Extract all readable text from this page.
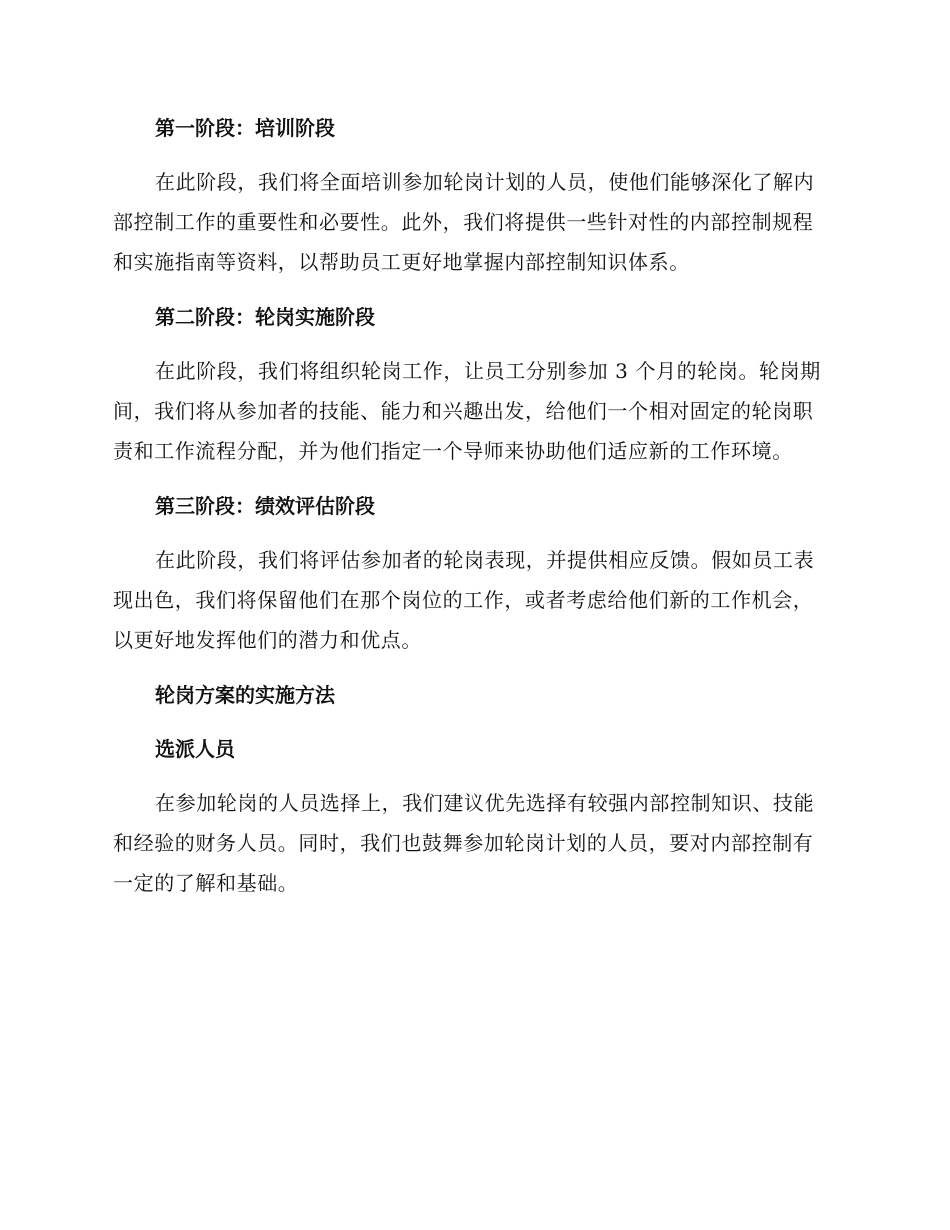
第一阶段：培训阶段

在此阶段，我们将全面培训参加轮岗计划的人员，使他们能够深化了解内部控制工作的重要性和必要性。此外，我们将提供一些针对性的内部控制规程和实施指南等资料，以帮助员工更好地掌握内部控制知识体系。

第二阶段：轮岗实施阶段

在此阶段，我们将组织轮岗工作，让员工分别参加 3 个月的轮岗。轮岗期间，我们将从参加者的技能、能力和兴趣出发，给他们一个相对固定的轮岗职责和工作流程分配，并为他们指定一个导师来协助他们适应新的工作环境。

第三阶段：绩效评估阶段

在此阶段，我们将评估参加者的轮岗表现，并提供相应反馈。假如员工表现出色，我们将保留他们在那个岗位的工作，或者考虑给他们新的工作机会，以更好地发挥他们的潜力和优点。

轮岗方案的实施方法
选派人员

在参加轮岗的人员选择上，我们建议优先选择有较强内部控制知识、技能和经验的财务人员。同时，我们也鼓舞参加轮岗计划的人员，要对内部控制有一定的了解和基础。
